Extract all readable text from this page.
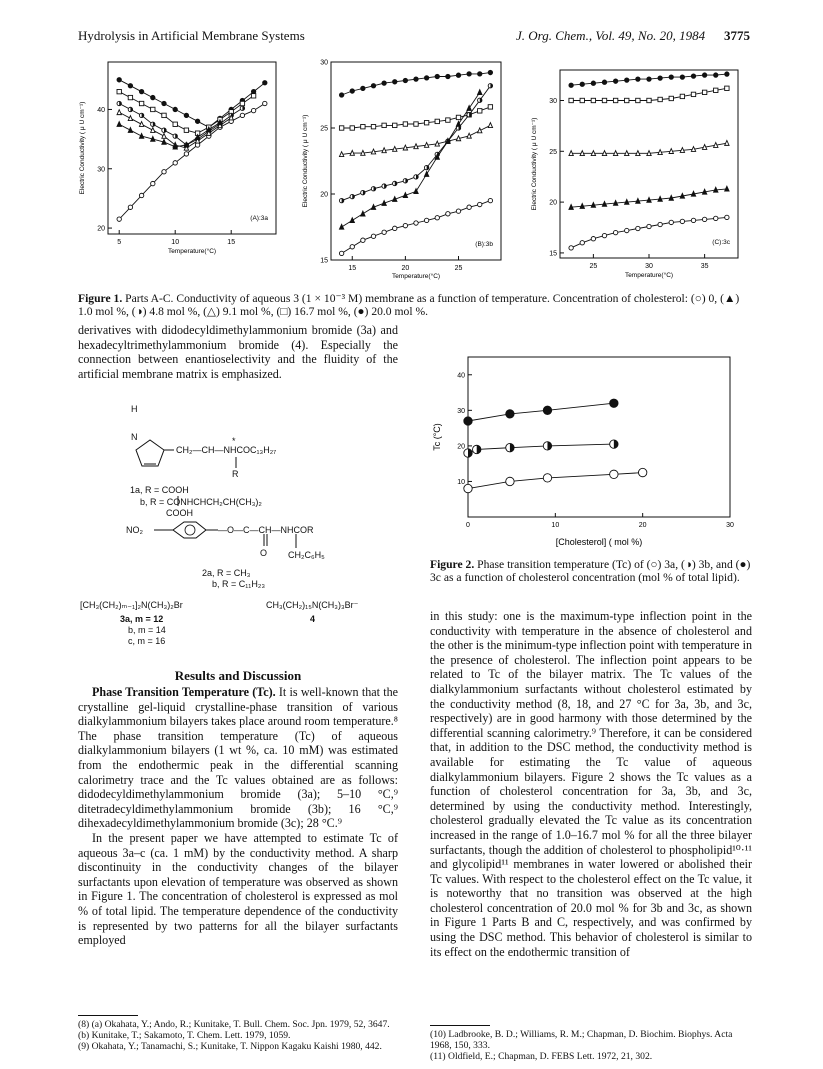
Hydrolysis in Artificial Membrane Systems	J. Org. Chem., Vol. 49, No. 20, 1984 3775
5	10	15
20
30
40
(A):3a
Temperature(°C)
Electric Conductivity ( μ U cm⁻¹)
15	20	25
15
20
25
30
(B):3b
Temperature(°C)
Electric Conductivity ( μ U cm⁻¹)
25	30	35
15
20
25
30
(C):3c
Temperature(°C)
Electric Conductivity ( μ U cm⁻¹)
Figure 1. Parts A-C. Conductivity of aqueous 3 (1 × 10⁻³ M) membrane as a function of temperature. Concentration of cholesterol: (○) 0, (▲) 1.0 mol %, (◑) 4.8 mol %, (△) 9.1 mol %, (□) 16.7 mol %, (●) 20.0 mol %.

derivatives with didodecyldimethylammonium bromide (3a) and hexadecyltrimethylammonium bromide (4). Especially the connection between enantioselectivity and the fluidity of the artificial membrane matrix is emphasized.

H
N	*
CH₂—CH—NHCOC₁₃H₂₇
R
1a, R = COOH
b, R = CONHCHCH₂CH(CH₃)₂
COOH
NO₂	—O—C—CH—NHCOR
O CH₂C₆H₅
2a, R = CH₃
b, R = C₁₁H₂₃
[CH₃(CH₂)ₘ₋₁]₂N(CH₃)₂Br	CH₃(CH₂)₁₅N(CH₃)₃Br⁻
3a, m = 12	4
b, m = 14
c, m = 16
Results and Discussion

Phase Transition Temperature (Tc). It is well-known that the crystalline gel-liquid crystalline-phase transition of various dialkylammonium bilayers takes place around room temperature.⁸ The phase transition temperature (Tc) of aqueous dialkylammonium bilayers (1 wt %, ca. 10 mM) was estimated from the endothermic peak in the differential scanning calorimetry trace and the Tc values obtained are as follows: didodecyldimethylammonium bromide (3a); 5–10 °C,⁹ ditetradecyldimethylammonium bromide (3b); 16 °C,⁹ dihexadecyldimethylammonium bromide (3c); 28 °C.⁹

In the present paper we have attempted to estimate Tc of aqueous 3a–c (ca. 1 mM) by the conductivity method. A sharp discontinuity in the conductivity changes of the bilayer surfactants upon elevation of temperature was observed as shown in Figure 1. The concentration of cholesterol is expressed as mol % of total lipid. The temperature dependence of the conductivity is represented by two patterns for all the bilayer surfactants employed

(8) (a) Okahata, Y.; Ando, R.; Kunitake, T. Bull. Chem. Soc. Jpn. 1979, 52, 3647. (b) Kunitake, T.; Sakamoto, T. Chem. Lett. 1979, 1059.
(9) Okahata, Y.; Tanamachi, S.; Kunitake, T. Nippon Kagaku Kaishi 1980, 442.
0	10	20	30
10
20
30
40
[Cholesterol] ( mol %)
Tc (°C)
Figure 2. Phase transition temperature (Tc) of (○) 3a, (◑) 3b, and (●) 3c as a function of cholesterol concentration (mol % of total lipid).

in this study: one is the maximum-type inflection point in the conductivity with temperature in the absence of cholesterol and the other is the minimum-type inflection point with temperature in the presence of cholesterol. The inflection point appears to be related to Tc of the bilayer matrix. The Tc values of the dialkylammonium surfactants without cholesterol estimated by the conductivity method (8, 18, and 27 °C for 3a, 3b, and 3c, respectively) are in good harmony with those determined by the differential scanning calorimetry.⁹ Therefore, it can be considered that, in addition to the DSC method, the conductivity method is available for estimating the Tc value of aqueous dialkylammonium bilayers. Figure 2 shows the Tc values as a function of cholesterol concentration for 3a, 3b, and 3c, determined by using the conductivity method. Interestingly, cholesterol gradually elevated the Tc value as its concentration increased in the range of 1.0–16.7 mol % for all the three bilayer surfactants, though the addition of cholesterol to phospholipid¹⁰·¹¹ and glycolipid¹¹ membranes in water lowered or abolished their Tc values. With respect to the cholesterol effect on the Tc value, it is noteworthy that no transition was observed at the high cholesterol concentration of 20.0 mol % for 3b and 3c, as shown in Figure 1 Parts B and C, respectively, and was confirmed by using the DSC method. This behavior of cholesterol is similar to its effect on the endothermic transition of

(10) Ladbrooke, B. D.; Williams, R. M.; Chapman, D. Biochim. Biophys. Acta 1968, 150, 333.
(11) Oldfield, E.; Chapman, D. FEBS Lett. 1972, 21, 302.
